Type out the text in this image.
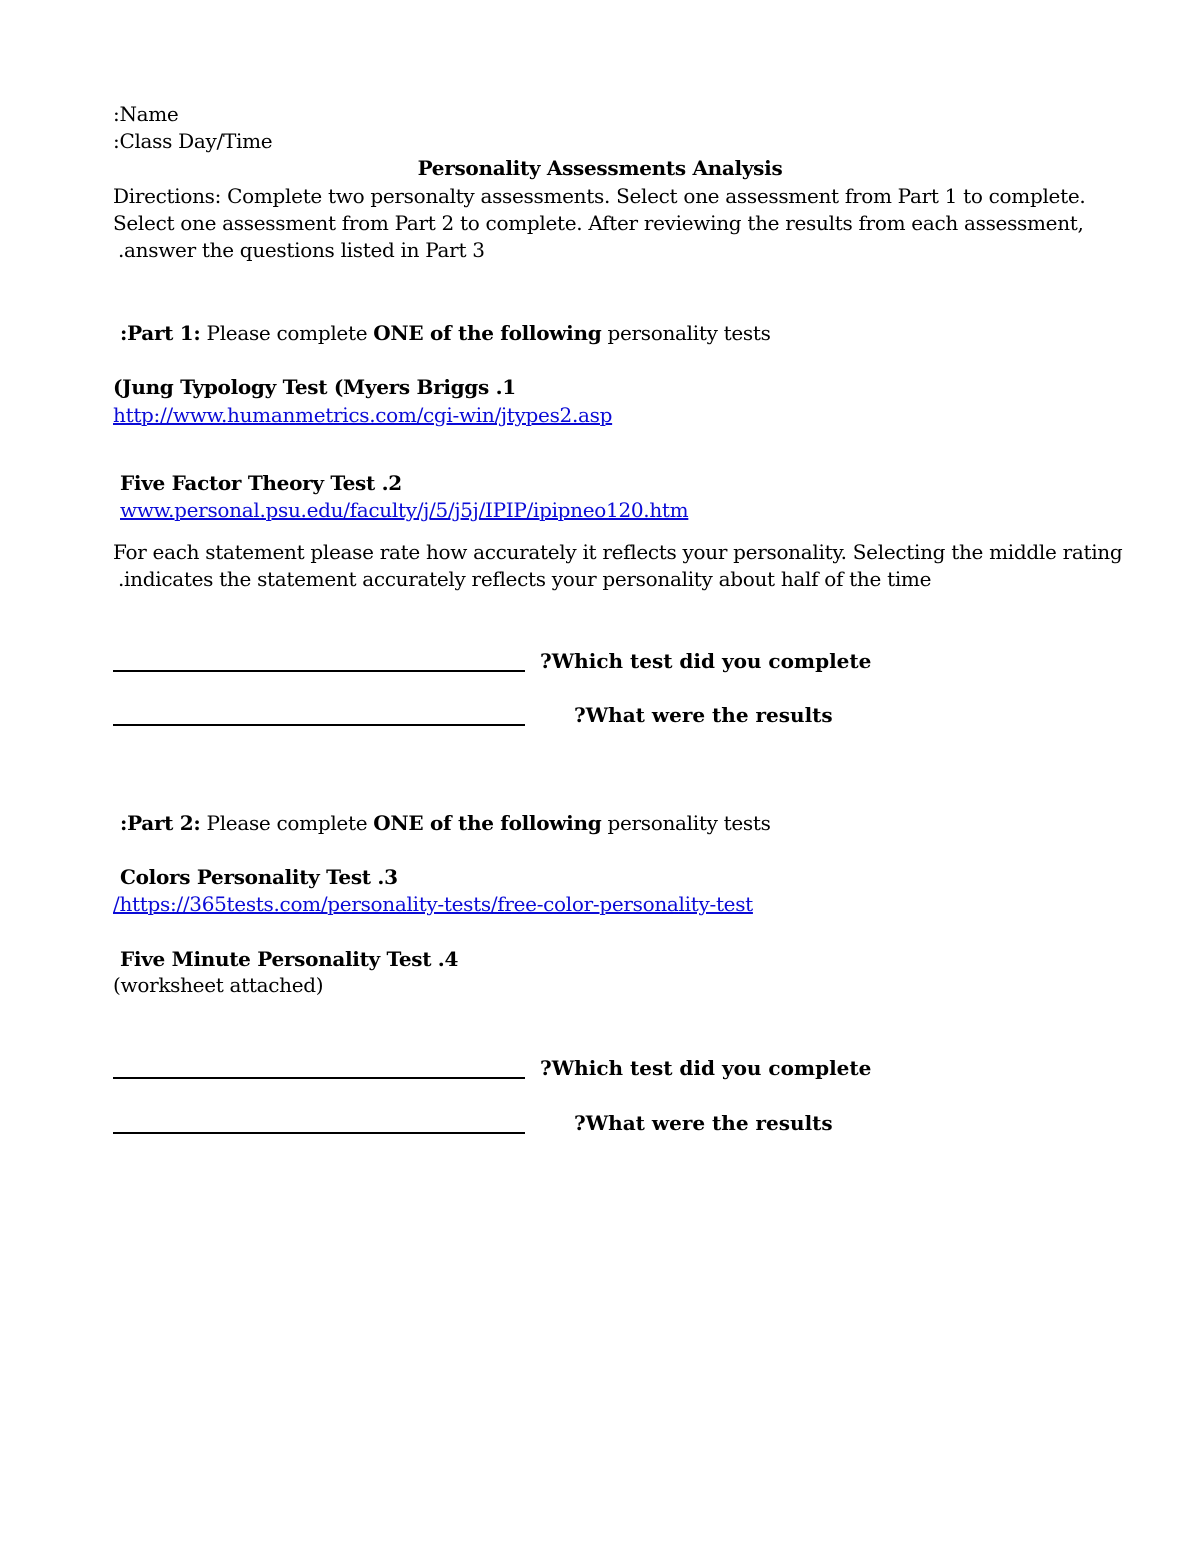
:Name
:Class Day/Time
Personality Assessments Analysis
Directions: Complete two personalty assessments. Select one assessment from Part 1 to complete.
Select one assessment from Part 2 to complete. After reviewing the results from each assessment,
.answer the questions listed in Part 3
:Part 1: Please complete ONE of the following personality tests
(Jung Typology Test (Myers Briggs .1
http://www.humanmetrics.com/cgi-win/jtypes2.asp
Five Factor Theory Test .2
www.personal.psu.edu/faculty/j/5/j5j/IPIP/ipipneo120.htm
For each statement please rate how accurately it reflects your personality. Selecting the middle rating
.indicates the statement accurately reflects your personality about half of the time
?Which test did you complete
?What were the results
:Part 2: Please complete ONE of the following personality tests
Colors Personality Test .3
/https://365tests.com/personality-tests/free-color-personality-test
Five Minute Personality Test .4
(worksheet attached)
?Which test did you complete
?What were the results
